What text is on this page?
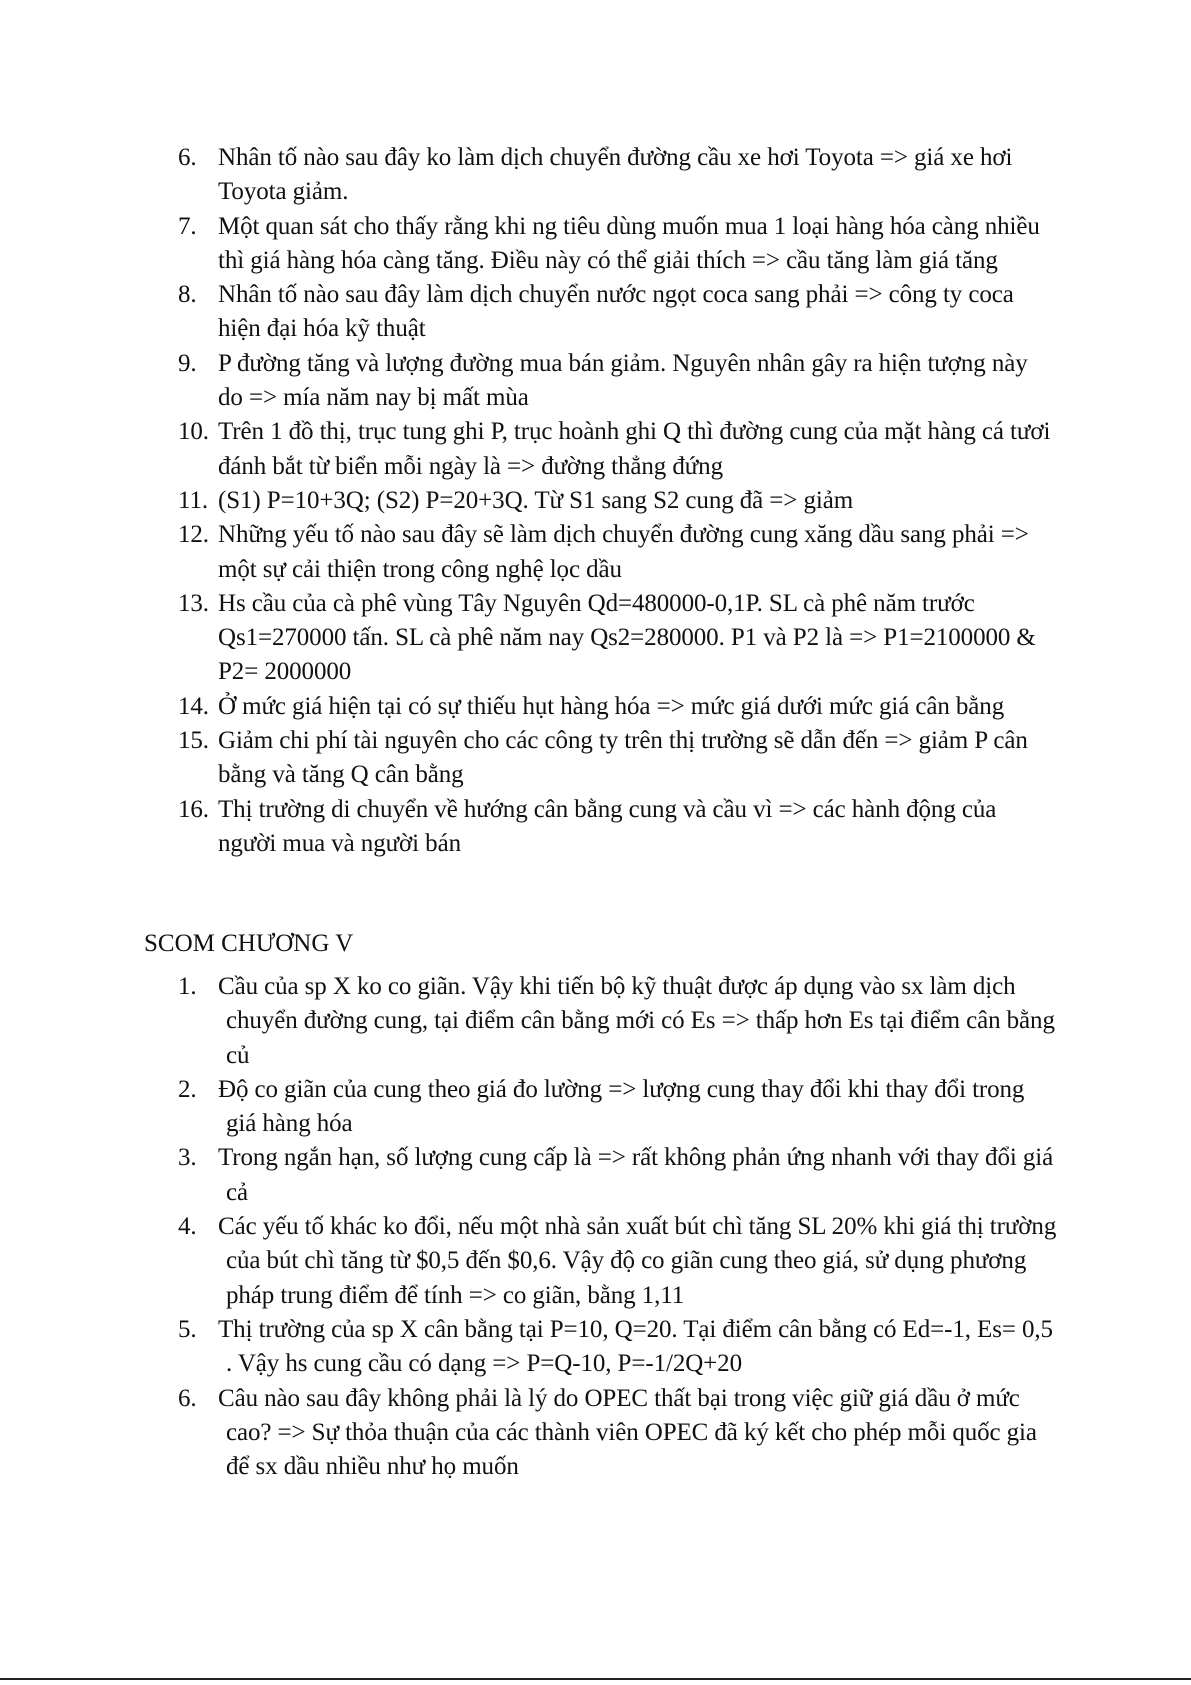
6. Nhân tố nào sau đây ko làm dịch chuyển đường cầu xe hơi Toyota => giá xe hơi Toyota giảm.
7. Một quan sát cho thấy rằng khi ng tiêu dùng muốn mua 1 loại hàng hóa càng nhiều thì giá hàng hóa càng tăng. Điều này có thể giải thích => cầu tăng làm giá tăng
8. Nhân tố nào sau đây làm dịch chuyển nước ngọt coca sang phải => công ty coca hiện đại hóa kỹ thuật
9. P đường tăng và lượng đường mua bán giảm. Nguyên nhân gây ra hiện tượng này do => mía năm nay bị mất mùa
10. Trên 1 đồ thị, trục tung ghi P, trục hoành ghi Q thì đường cung của mặt hàng cá tươi đánh bắt từ biển mỗi ngày là => đường thẳng đứng
11. (S1) P=10+3Q; (S2) P=20+3Q. Từ S1 sang S2 cung đã => giảm
12. Những yếu tố nào sau đây sẽ làm dịch chuyển đường cung xăng dầu sang phải => một sự cải thiện trong công nghệ lọc dầu
13. Hs cầu của cà phê vùng Tây Nguyên Qd=480000-0,1P. SL cà phê năm trước Qs1=270000 tấn. SL cà phê năm nay Qs2=280000. P1 và P2 là => P1=2100000 & P2= 2000000
14. Ở mức giá hiện tại có sự thiếu hụt hàng hóa => mức giá dưới mức giá cân bằng
15. Giảm chi phí tài nguyên cho các công ty trên thị trường sẽ dẫn đến => giảm P cân bằng và tăng Q cân bằng
16. Thị trường di chuyển về hướng cân bằng cung và cầu vì => các hành động của người mua và người bán
SCOM CHƯƠNG V
1. Cầu của sp X ko co giãn. Vậy khi tiến bộ kỹ thuật được áp dụng vào sx làm dịch chuyển đường cung, tại điểm cân bằng mới có Es => thấp hơn Es tại điểm cân bằng củ
2. Độ co giãn của cung theo giá đo lường => lượng cung thay đổi khi thay đổi trong giá hàng hóa
3. Trong ngắn hạn, số lượng cung cấp là => rất không phản ứng nhanh với thay đổi giá cả
4. Các yếu tố khác ko đổi, nếu một nhà sản xuất bút chì tăng SL 20% khi giá thị trường của bút chì tăng từ $0,5 đến $0,6. Vậy độ co giãn cung theo giá, sử dụng phương pháp trung điểm để tính => co giãn, bằng 1,11
5. Thị trường của sp X cân bằng tại P=10, Q=20. Tại điểm cân bằng có Ed=-1, Es= 0,5 . Vậy hs cung cầu có dạng => P=Q-10, P=-1/2Q+20
6. Câu nào sau đây không phải là lý do OPEC thất bại trong việc giữ giá dầu ở mức cao? => Sự thỏa thuận của các thành viên OPEC đã ký kết cho phép mỗi quốc gia để sx dầu nhiều như họ muốn
